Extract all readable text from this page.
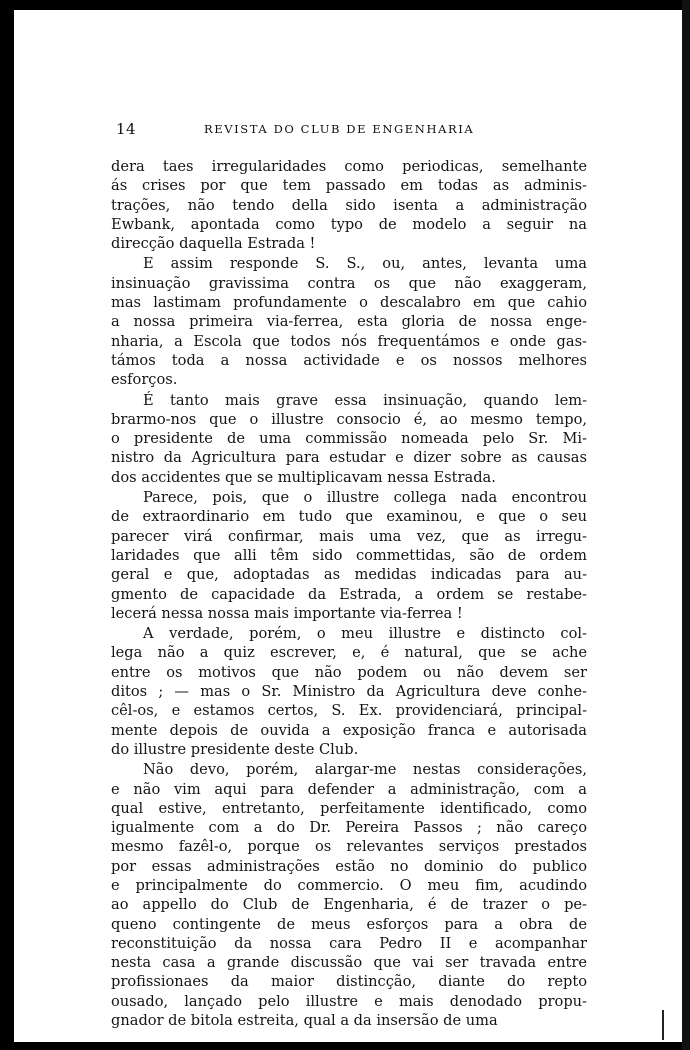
14	REVISTA DO CLUB DE ENGENHARIA
dera taes irregularidades como periodicas, semelhante
ás crises por que tem passado em todas as adminis-
trações, não tendo della sido isenta a administração
Ewbank, apontada como typo de modelo a seguir na
direcção daquella Estrada !
E assim responde S. S., ou, antes, levanta uma
insinuação gravissima contra os que não exaggeram,
mas lastimam profundamente o descalabro em que cahio
a nossa primeira via-ferrea, esta gloria de nossa enge-
nharia, a Escola que todos nós frequentámos e onde gas-
támos toda a nossa actividade e os nossos melhores
esforços.
É tanto mais grave essa insinuação, quando lem-
brarmo-nos que o illustre consocio é, ao mesmo tempo,
o presidente de uma commissão nomeada pelo Sr. Mi-
nistro da Agricultura para estudar e dizer sobre as causas
dos accidentes que se multiplicavam nessa Estrada.
Parece, pois, que o illustre collega nada encontrou
de extraordinario em tudo que examinou, e que o seu
parecer virá confirmar, mais uma vez, que as irregu-
laridades que alli têm sido commettidas, são de ordem
geral e que, adoptadas as medidas indicadas para au-
gmento de capacidade da Estrada, a ordem se restabe-
lecerá nessa nossa mais importante via-ferrea !
A verdade, porém, o meu illustre e distincto col-
lega não a quiz escrever, e, é natural, que se ache
entre os motivos que não podem ou não devem ser
ditos ; — mas o Sr. Ministro da Agricultura deve conhe-
cêl-os, e estamos certos, S. Ex. providenciará, principal-
mente depois de ouvida a exposição franca e autorisada
do illustre presidente deste Club.
Não devo, porém, alargar-me nestas considerações,
e não vim aqui para defender a administração, com a
qual estive, entretanto, perfeitamente identificado, como
igualmente com a do Dr. Pereira Passos ; não careço
mesmo fazêl-o, porque os relevantes serviços prestados
por essas administrações estão no dominio do publico
e principalmente do commercio. O meu fim, acudindo
ao appello do Club de Engenharia, é de trazer o pe-
queno contingente de meus esforços para a obra de
reconstituição da nossa cara Pedro II e acompanhar
nesta casa a grande discussão que vai ser travada entre
profissionaes da maior distincção, diante do repto
ousado, lançado pelo illustre e mais denodado propu-
gnador de bitola estreita, qual a da insersão de uma
